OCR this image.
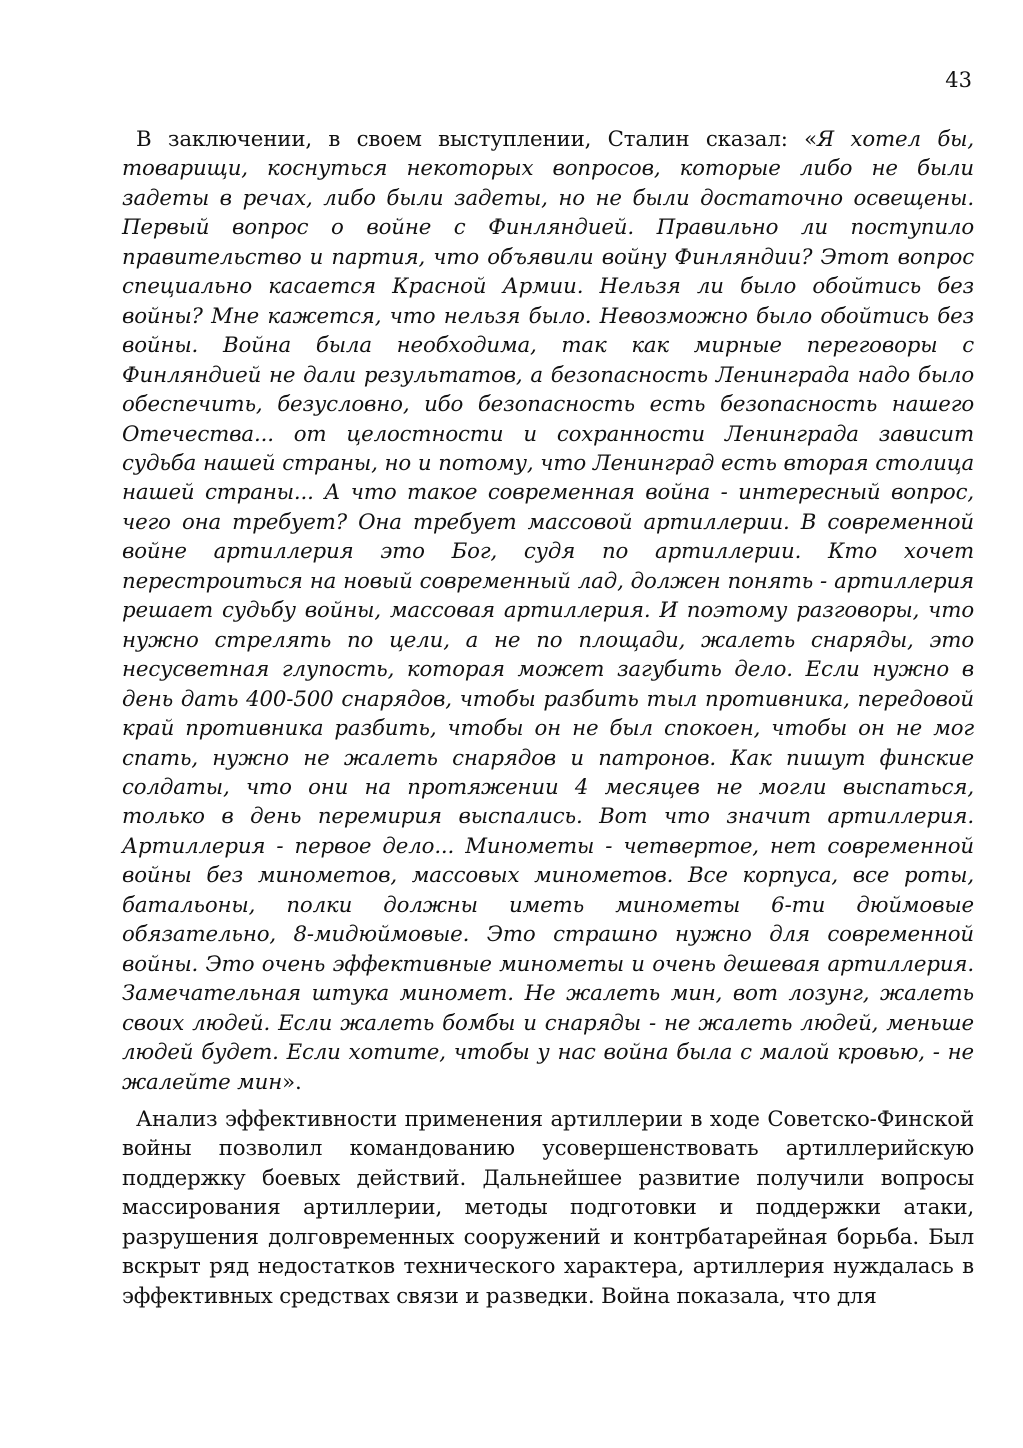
43

В заключении, в своем выступлении, Сталин сказал: «Я хотел бы, товарищи, коснуться некоторых вопросов, которые либо не были задеты в речах, либо были задеты, но не были достаточно освещены. Первый вопрос о войне с Финляндией. Правильно ли поступило правительство и партия, что объявили войну Финляндии? Этот вопрос специально касается Красной Армии. Нельзя ли было обойтись без войны? Мне кажется, что нельзя было. Невозможно было обойтись без войны. Война была необходима, так как мирные переговоры с Финляндией не дали результатов, а безопасность Ленинграда надо было обеспечить, безусловно, ибо безопасность есть безопасность нашего Отечества... от целостности и сохранности Ленинграда зависит судьба нашей страны, но и потому, что Ленинград есть вторая столица нашей страны... А что такое современная война - интересный вопрос, чего она требует? Она требует массовой артиллерии. В современной войне артиллерия это Бог, судя по артиллерии. Кто хочет перестроиться на новый современный лад, должен понять - артиллерия решает судьбу войны, массовая артиллерия. И поэтому разговоры, что нужно стрелять по цели, а не по площади, жалеть снаряды, это несусветная глупость, которая может загубить дело. Если нужно в день дать 400-500 снарядов, чтобы разбить тыл противника, передовой край противника разбить, чтобы он не был спокоен, чтобы он не мог спать, нужно не жалеть снарядов и патронов. Как пишут финские солдаты, что они на протяжении 4 месяцев не могли выспаться, только в день перемирия выспались. Вот что значит артиллерия. Артиллерия - первое дело... Минометы - четвертое, нет современной войны без минометов, массовых минометов. Все корпуса, все роты, батальоны, полки должны иметь минометы 6-ти дюймовые обязательно, 8-мидюймовые. Это страшно нужно для современной войны. Это очень эффективные минометы и очень дешевая артиллерия. Замечательная штука миномет. Не жалеть мин, вот лозунг, жалеть своих людей. Если жалеть бомбы и снаряды - не жалеть людей, меньше людей будет. Если хотите, чтобы у нас война была с малой кровью, - не жалейте мин».

Анализ эффективности применения артиллерии в ходе Советско-Финской войны позволил командованию усовершенствовать артиллерийскую поддержку боевых действий. Дальнейшее развитие получили вопросы массирования артиллерии, методы подготовки и поддержки атаки, разрушения долговременных сооружений и контрбатарейная борьба. Был вскрыт ряд недостатков технического характера, артиллерия нуждалась в эффективных средствах связи и разведки. Война показала, что для
